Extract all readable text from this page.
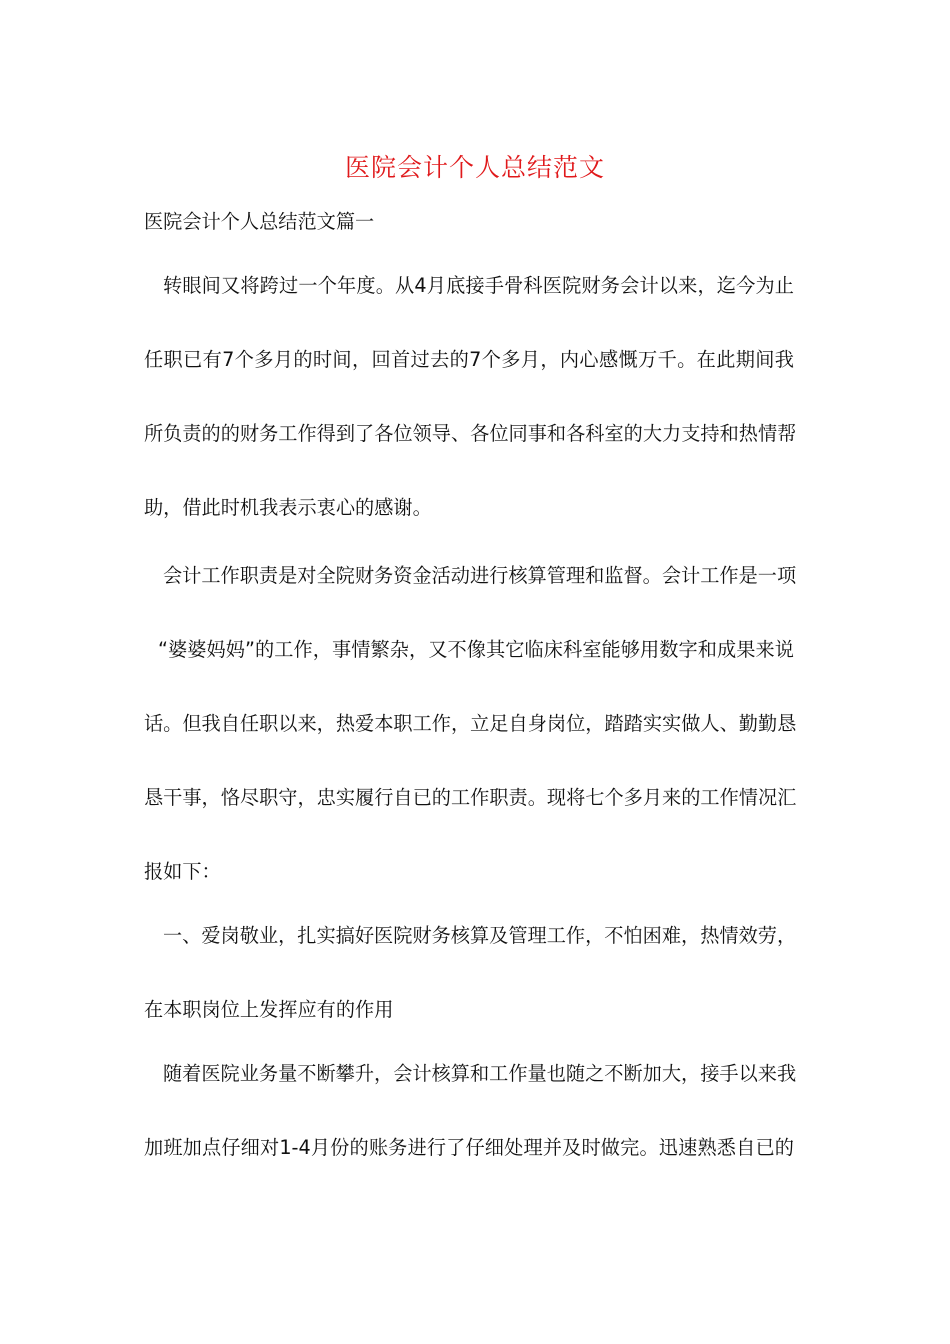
医院会计个人总结范文
医院会计个人总结范文篇一
转眼间又将跨过一个年度。从4月底接手骨科医院财务会计以来，迄今为止
任职已有7个多月的时间，回首过去的7个多月，内心感慨万千。在此期间我
所负责的的财务工作得到了各位领导、各位同事和各科室的大力支持和热情帮
助，借此时机我表示衷心的感谢。
会计工作职责是对全院财务资金活动进行核算管理和监督。会计工作是一项
“婆婆妈妈”的工作，事情繁杂，又不像其它临床科室能够用数字和成果来说
话。但我自任职以来，热爱本职工作，立足自身岗位，踏踏实实做人、勤勤恳
恳干事，恪尽职守，忠实履行自已的工作职责。现将七个多月来的工作情况汇
报如下：
一、爱岗敬业，扎实搞好医院财务核算及管理工作，不怕困难，热情效劳，
在本职岗位上发挥应有的作用
随着医院业务量不断攀升，会计核算和工作量也随之不断加大，接手以来我
加班加点仔细对1-4月份的账务进行了仔细处理并及时做完。迅速熟悉自已的
